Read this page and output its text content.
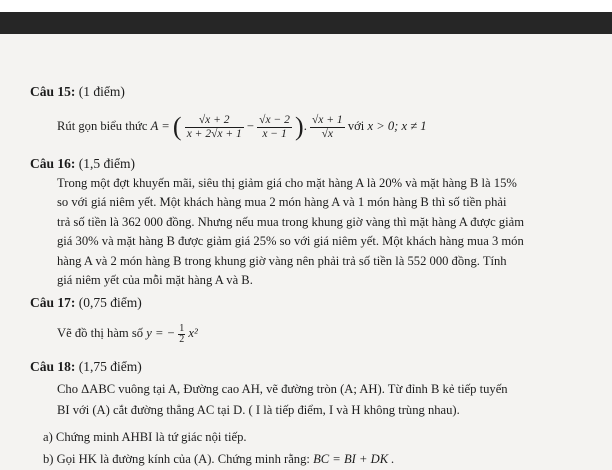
Câu 15: (1 điểm)
Rút gọn biểu thức A = ( $\frac{√x + 2}{x + 2√x + 1} - \frac{√x - 2}{x - 1}$ ). $\frac{√x + 1}{√x}$ với x > 0; x ≠ 1
Câu 16: (1,5 điểm)
Trong một đợt khuyến mãi, siêu thị giảm giá cho mặt hàng A là 20% và mặt hàng B là 15%
so với giá niêm yết. Một khách hàng mua 2 món hàng A và 1 món hàng B thì số tiền phải
trả số tiền là 362 000 đồng. Nhưng nếu mua trong khung giờ vàng thì mặt hàng A được giảm
giá 30% và mặt hàng B được giảm giá 25% so với giá niêm yết. Một khách hàng mua 3 món
hàng A và 2 món hàng B trong khung giờ vàng nên phải trả số tiền là 552 000 đồng. Tính
giá niêm yết của mỗi mặt hàng A và B.
Câu 17: (0,75 điểm)
Vẽ đồ thị hàm số y = − $\frac{1}{2} x^2$
Câu 18: (1,75 điểm)
Cho ΔABC vuông tại A, Đường cao AH, vẽ đường tròn (A; AH). Từ đỉnh B kẻ tiếp tuyến
BI với (A) cắt đường thẳng AC tại D. ( I là tiếp điểm, I và H không trùng nhau).
a) Chứng minh AHBI là tứ giác nội tiếp.
b) Gọi HK là đường kính của (A). Chứng minh rằng: BC = BI + DK .
